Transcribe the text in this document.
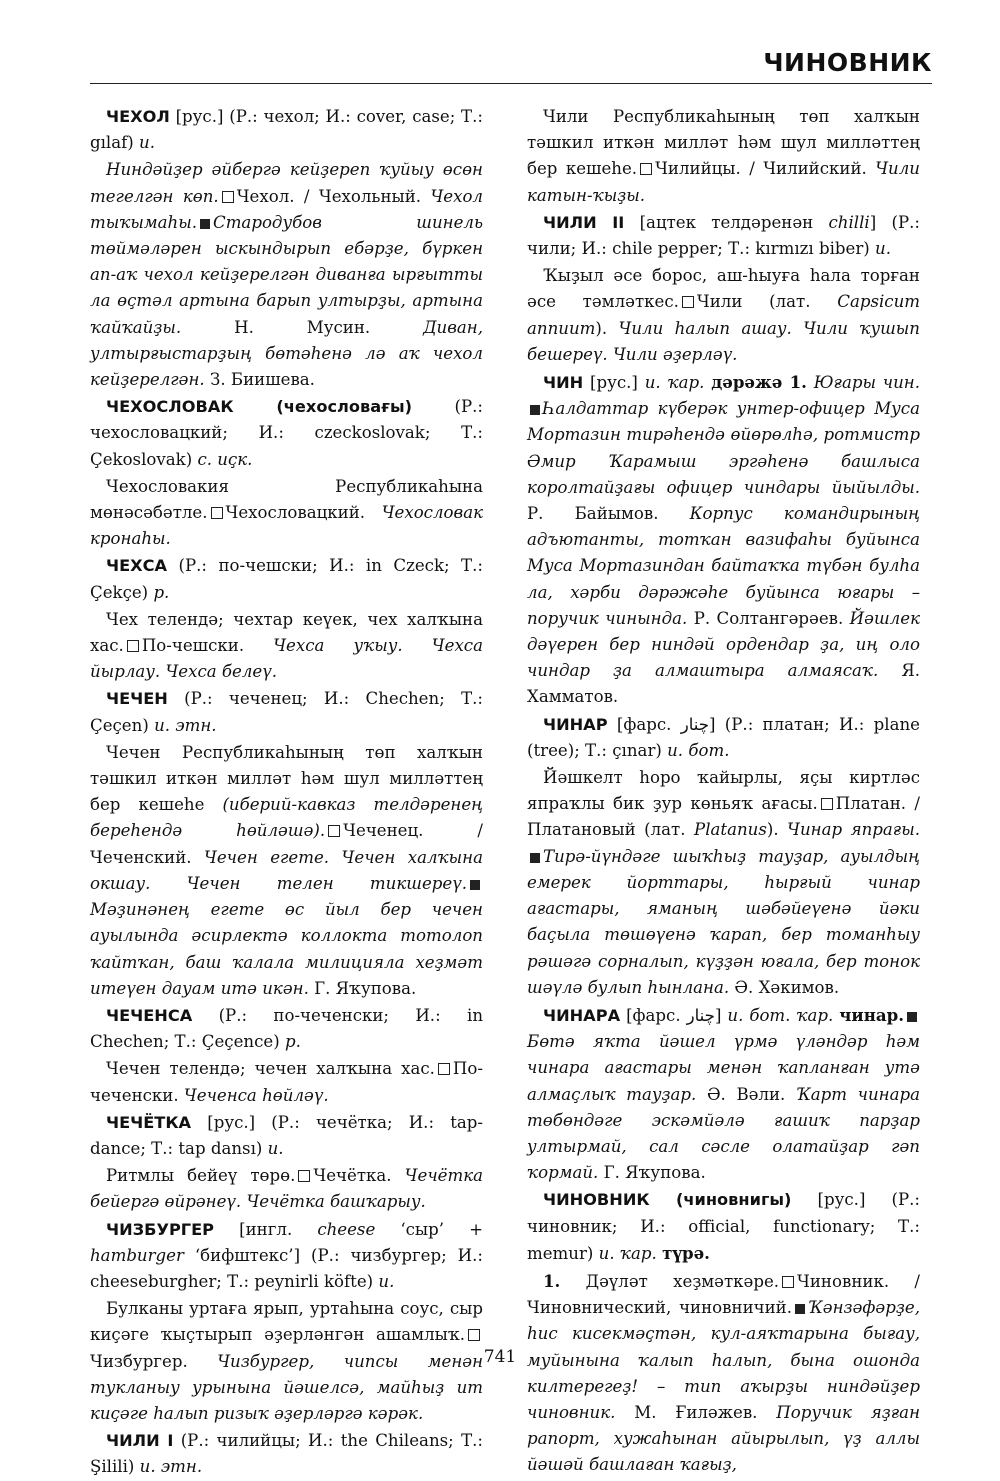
ЧИНОВНИК

ЧЕХОЛ [рус.] (Р.: чехол; И.: cover, case; Т.: gılaf) и.

Ниндәйҙер әйбергә кейҙереп ҡуйыу өсөн тегелгән көп. Чехол. / Чехольный. Чехол тыҡымаһы. Стародубов шинель төймәләрен ыскындырып ебәрҙе, бүркен ап-аҡ чехол кейҙерелгән диванға ырғытты ла өҫтәл артына барып ултырҙы, артына ҡайҡайҙы. Н. Мусин. Диван, ултырғыстарҙың бөтәһенә лә аҡ чехол кейҙерелгән. З. Биишева.

ЧЕХОСЛОВАК (чехословағы) (Р.: чехословацкий; И.: czeckoslovak; Т.: Çekoslovak) с. иҫк.

Чехословакия Республикаһына мөнәсәбәтле. Чехословацкий. Чехословак кронаһы.

ЧЕХСА (Р.: по-чешски; И.: in Czeck; Т.: Çekçe) р.

Чех телендә; чехтар кеүек, чех халҡына хас. По-чешски. Чехса уҡыу. Чехса йырлау. Чехса белеү.

ЧЕЧЕН (Р.: чеченец; И.: Chechen; Т.: Çeçen) и. этн.

Чечен Республикаһының төп халҡын тәшкил иткән милләт һәм шул милләттең бер кешеһе (иберий-кавказ телдәренең береһендә һөйләшә). Чеченец. / Чеченский. Чечен егете. Чечен халҡына окшау. Чечен телен тикшереү.Мәҙинәнең егете өс йыл бер чечен ауылында әсирлектә коллокта тотолоп ҡайтҡан, баш ҡалала милицияла хеҙмәт итеүен дауам итә икән. Г. Яҡупова.

ЧЕЧЕНСА (Р.: по-чеченски; И.: in Chechen; Т.: Çeçence) р.

Чечен телендә; чечен халҡына хас. По-чеченски. Чеченса һөйләү.

ЧЕЧЁТКА [рус.] (Р.: чечётка; И.: tap-dance; Т.: tap dansı) и.

Ритмлы бейеү төрө. Чечётка. Чечётка бейергә өйрәнеү. Чечётка башҡарыу.

ЧИЗБУРГЕР [ингл. cheese ‘сыр’ + hamburger ‘бифштекс’] (Р.: чизбургер; И.: cheeseburgher; Т.: peynirli köfte) и.

Булканы уртаға ярып, уртаһына соус, сыр киҫәге ҡыҫтырып әҙерләнгән ашамлыҡ.Чизбургер. Чизбургер, чипсы менән тукланыу урынына йәшелсә, майһыҙ ит киҫәге һалып ризыҡ әҙерләргә кәрәк.

ЧИЛИ I (Р.: чилийцы; И.: the Chileans; Т.: Şilili) и. этн.

Чили Республикаһының төп халҡын тәшкил иткән милләт һәм шул милләттең бер кешеһе. Чилийцы. / Чилийский. Чили катын-ҡыҙы.

ЧИЛИ II [ацтек телдәренән chilli] (Р.: чили; И.: chile pepper; Т.: kırmızı biber) и.

Ҡыҙыл әсе борос, аш-һыуға һала торған әсе тәмләткес. Чили (лат. Capsicum annuum). Чили һалып ашау. Чили ҡушып бешереү. Чили әҙерләү.

ЧИН [рус.] и. ҡар. дәрәжә 1. Юғары чин.Һалдаттар күберәк унтер-офицер Муса Мортазин тирәһендә өйөрөлһә, ротмистр Әмир Ҡарамыш эргәһенә башлыса королтайҙағы офицер чиндары йыйылды. Р. Байымов. Корпус командирының адъютанты, тотҡан вазифаһы буйынса Муса Мортазиндан байтаҡҡа түбән булһа ла, хәрби дәрәжәһе буйынса юғары – поручик чинында. Р. Солтангәрәев. Йәшлек дәүерен бер ниндәй ордендар ҙа, иң оло чиндар ҙа алмаштыра алмаясаҡ. Я. Хамматов.

ЧИНАР [фарс. چنار] (Р.: платан; И.: plane (tree); Т.: çınar) и. бот.

Йәшкелт һоро ҡайырлы, яҫы киртләс япраҡлы бик ҙур көньяҡ ағасы. Платан. / Платановый (лат. Platanus). Чинар япрағы.Тирә-йүндәге шыҡһыҙ тауҙар, ауылдың емерек йорттары, һырғый чинар ағастары, яманың шәбәйеүенә йәки баҫыла төшөүенә ҡарап, бер томанһыу рәшәгә сорналып, күҙҙән юғала, бер тонок шәүлә булып һынлана. Ә. Хәкимов.

ЧИНАРА [фарс. چنار] и. бот. ҡар. чинар.Бөтә яҡта йәшел үрмә үләндәр һәм чинара ағастары менән ҡапланған утә алмаҫлыҡ тауҙар. Ә. Вәли. Ҡарт чинара төбөндәге эскәмйәлә ғашиҡ парҙар ултырмай, сал сәсле олатайҙар гәп ҡормай. Г. Яҡупова.

ЧИНОВНИК (чиновнигы) [рус.] (Р.: чиновник; И.: official, functionary; Т.: memur) и. ҡар. түрә.

1. Дәүләт хеҙмәткәре. Чиновник. / Чиновнический, чиновничий. Ҡәнзәфәрҙе, һис кисекмәҫтән, кул-аяҡтарына бығау, муйынына ҡалып һалып, бына ошонда килтерегеҙ! – тип аҡырҙы ниндәйҙер чиновник. М. Ғиләжев. Поручик яҙған рапорт, хужаһынан айырылып, үҙ аллы йәшәй башлаған ҡағыҙ,

741
